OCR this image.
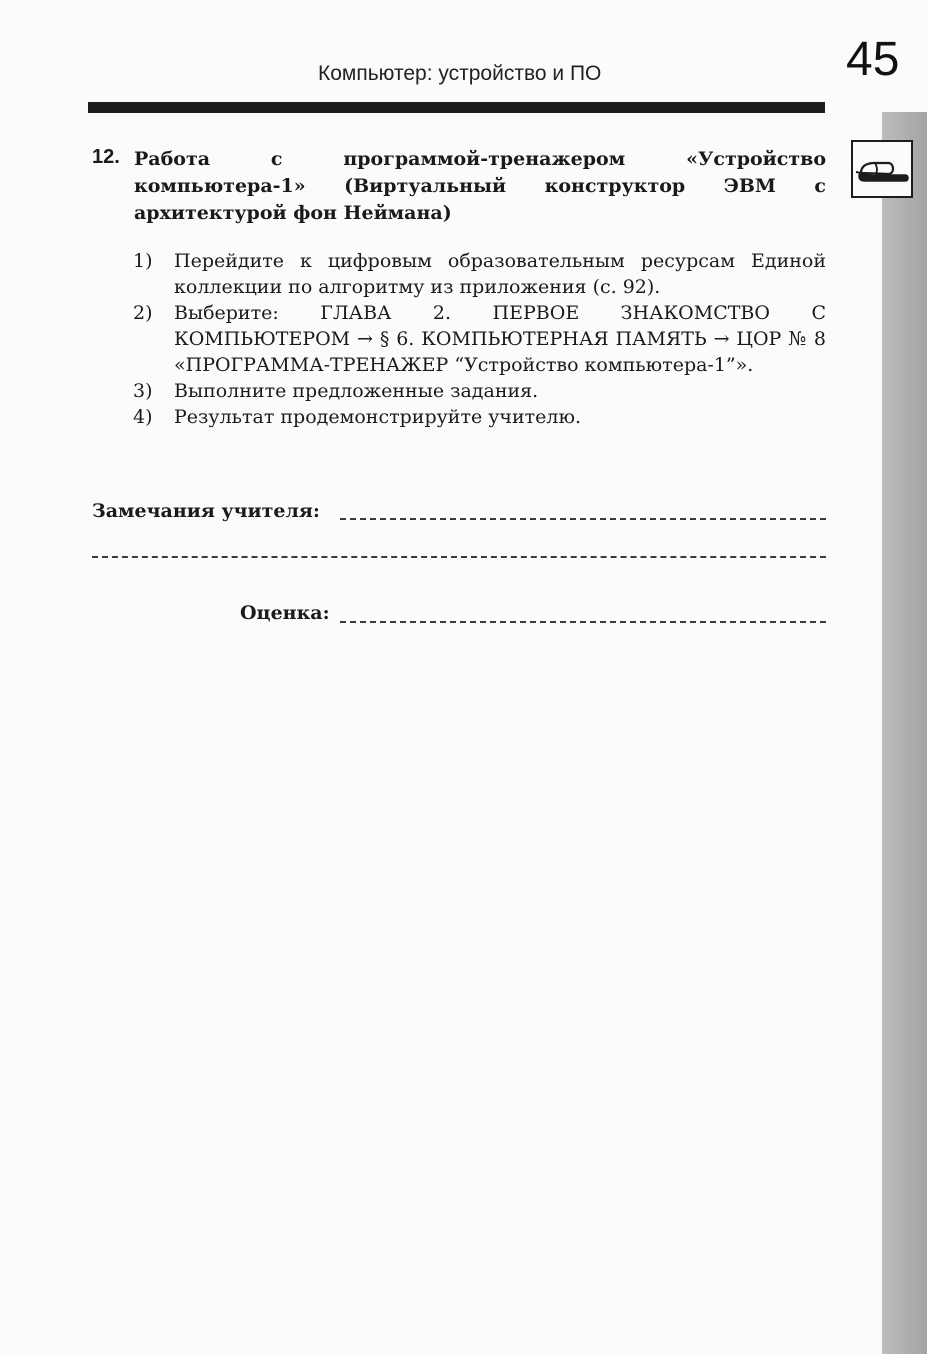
Компьютер: устройство и ПО	45
12. Работа с программой-тренажером «Устройство компьютера-1» (Виртуальный конструктор ЭВМ с архитектурой фон Неймана)
1) Перейдите к цифровым образовательным ресурсам Единой коллекции по алгоритму из приложения (с. 92).
2) Выберите: ГЛАВА 2. ПЕРВОЕ ЗНАКОМСТВО С КОМПЬЮТЕРОМ → § 6. КОМПЬЮТЕРНАЯ ПАМЯТЬ → ЦОР № 8 «ПРОГРАММА-ТРЕНАЖЕР “Устройство компьютера-1”».
3) Выполните предложенные задания.
4) Результат продемонстрируйте учителю.
Замечания учителя:
Оценка:
